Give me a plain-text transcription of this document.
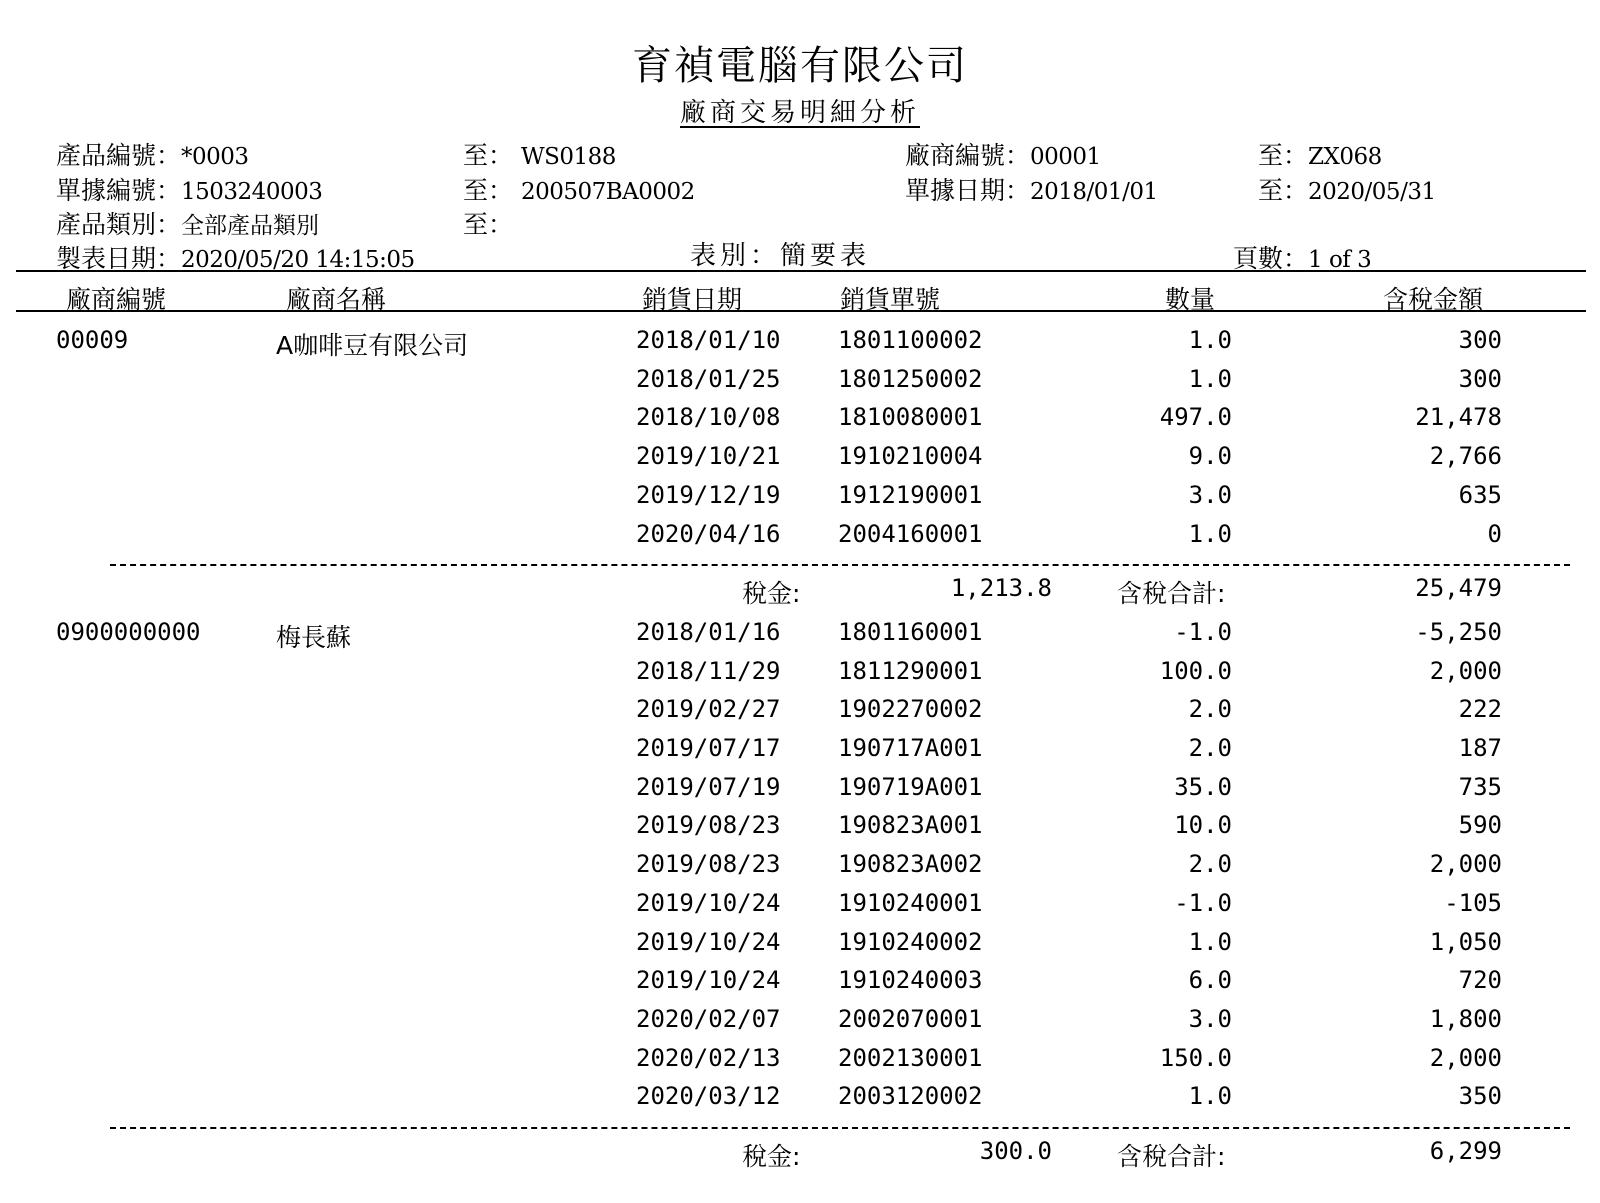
育禎電腦有限公司
廠商交易明細分析
產品編號：*0003	至： WS0188	廠商編號：00001	至：ZX068
單據編號：1503240003	至： 200507BA0002	單據日期：2018/01/01	至：2020/05/31
產品類別：全部產品類別	至：
製表日期：2020/05/20 14:15:05	表別：簡要表	頁數：1 of 3
廠商編號	廠商名稱	銷貨日期	銷貨單號	數量	含稅金額
00009	A咖啡豆有限公司	2018/01/10 1801100002	1.0	300
2018/01/25 1801250002	1.0	300
2018/10/08 1810080001	497.0	21,478
2019/10/21 1910210004	9.0	2,766
2019/12/19 1912190001	3.0	635
2020/04/16 2004160001	1.0	0
稅金:	1,213.8	含稅合計:	25,479
0900000000	梅長蘇	2018/01/16 1801160001	-1.0	-5,250
2018/11/29 1811290001	100.0	2,000
2019/02/27 1902270002	2.0	222
2019/07/17 190717A001	2.0	187
2019/07/19 190719A001	35.0	735
2019/08/23 190823A001	10.0	590
2019/08/23 190823A002	2.0	2,000
2019/10/24 1910240001	-1.0	-105
2019/10/24 1910240002	1.0	1,050
2019/10/24 1910240003	6.0	720
2020/02/07 2002070001	3.0	1,800
2020/02/13 2002130001	150.0	2,000
2020/03/12 2003120002	1.0	350
稅金:	300.0	含稅合計:	6,299
